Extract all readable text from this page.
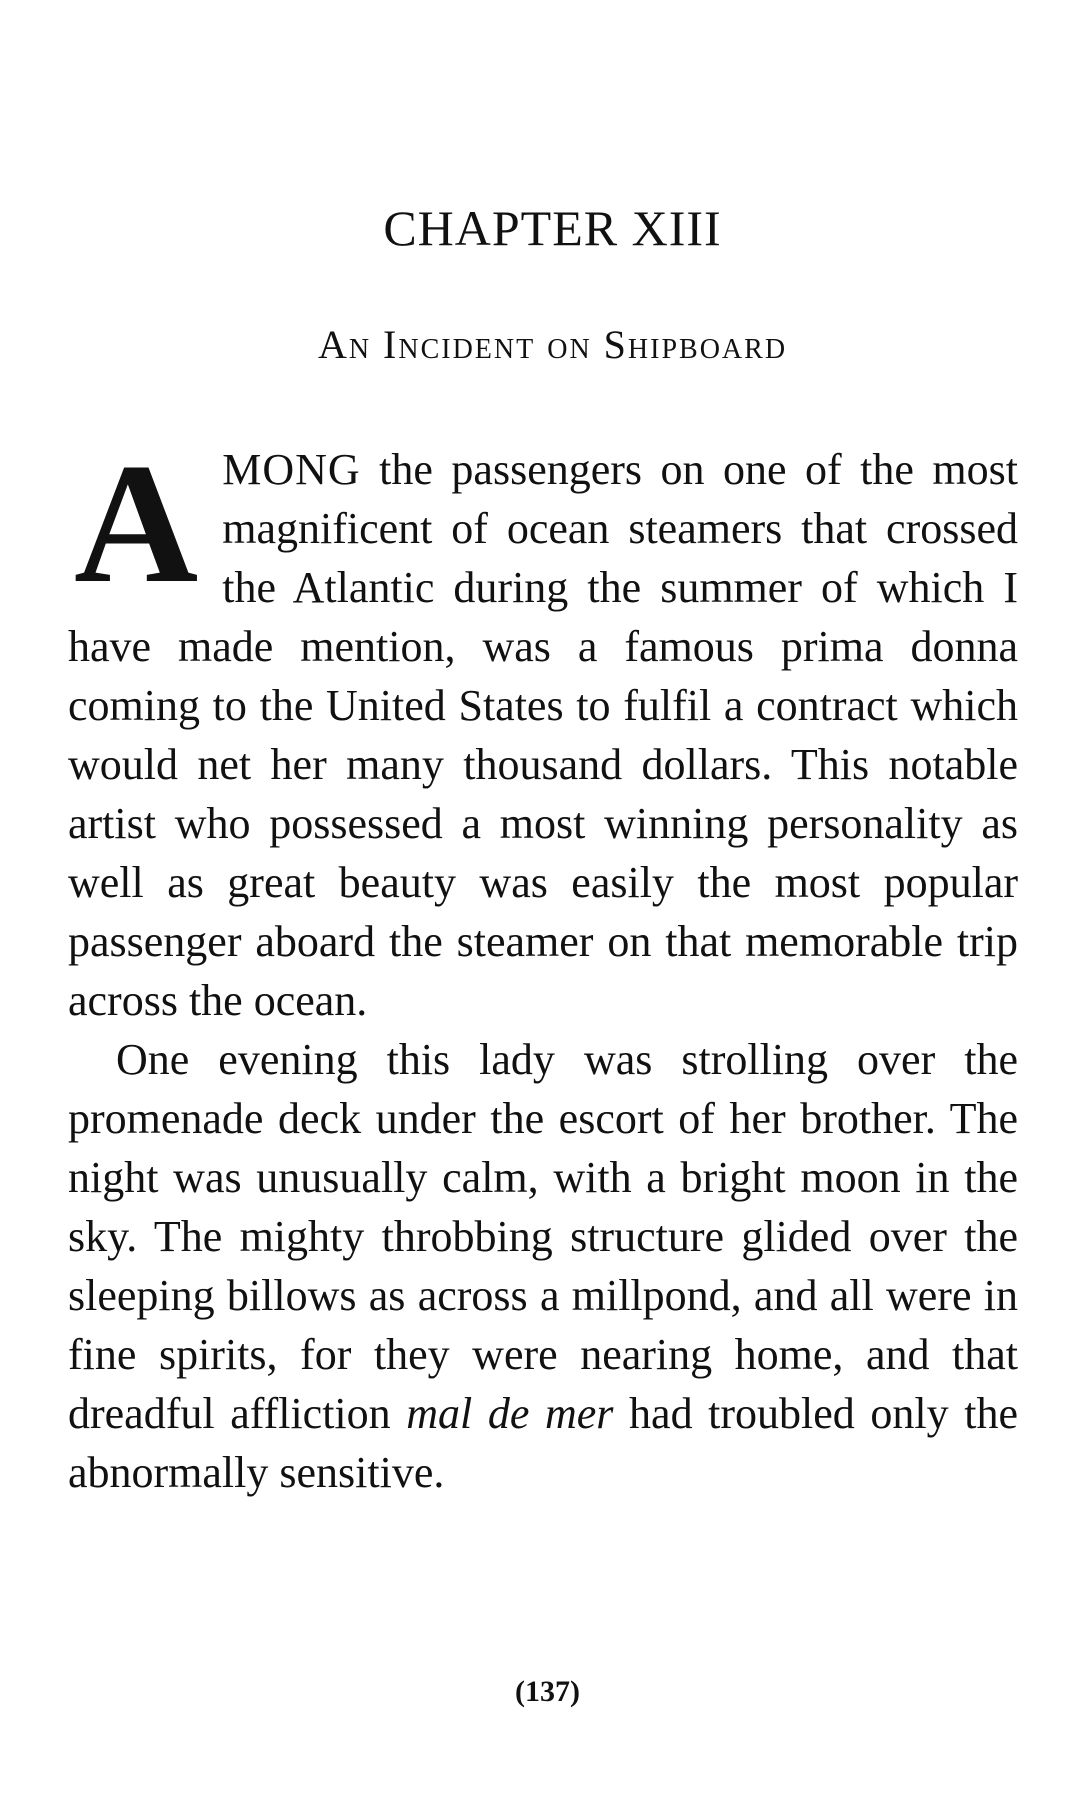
CHAPTER XIII
An Incident on Shipboard

AMONG the passengers on one of the most magnificent of ocean steamers that crossed the Atlantic during the summer of which I have made mention, was a famous prima donna coming to the United States to fulfil a contract which would net her many thousand dollars. This notable artist who possessed a most winning personality as well as great beauty was easily the most popular passenger aboard the steamer on that memorable trip across the ocean.

One evening this lady was strolling over the promenade deck under the escort of her brother. The night was unusually calm, with a bright moon in the sky. The mighty throbbing structure glided over the sleeping billows as across a millpond, and all were in fine spirits, for they were nearing home, and that dreadful affliction mal de mer had troubled only the abnormally sensitive.

(137)
